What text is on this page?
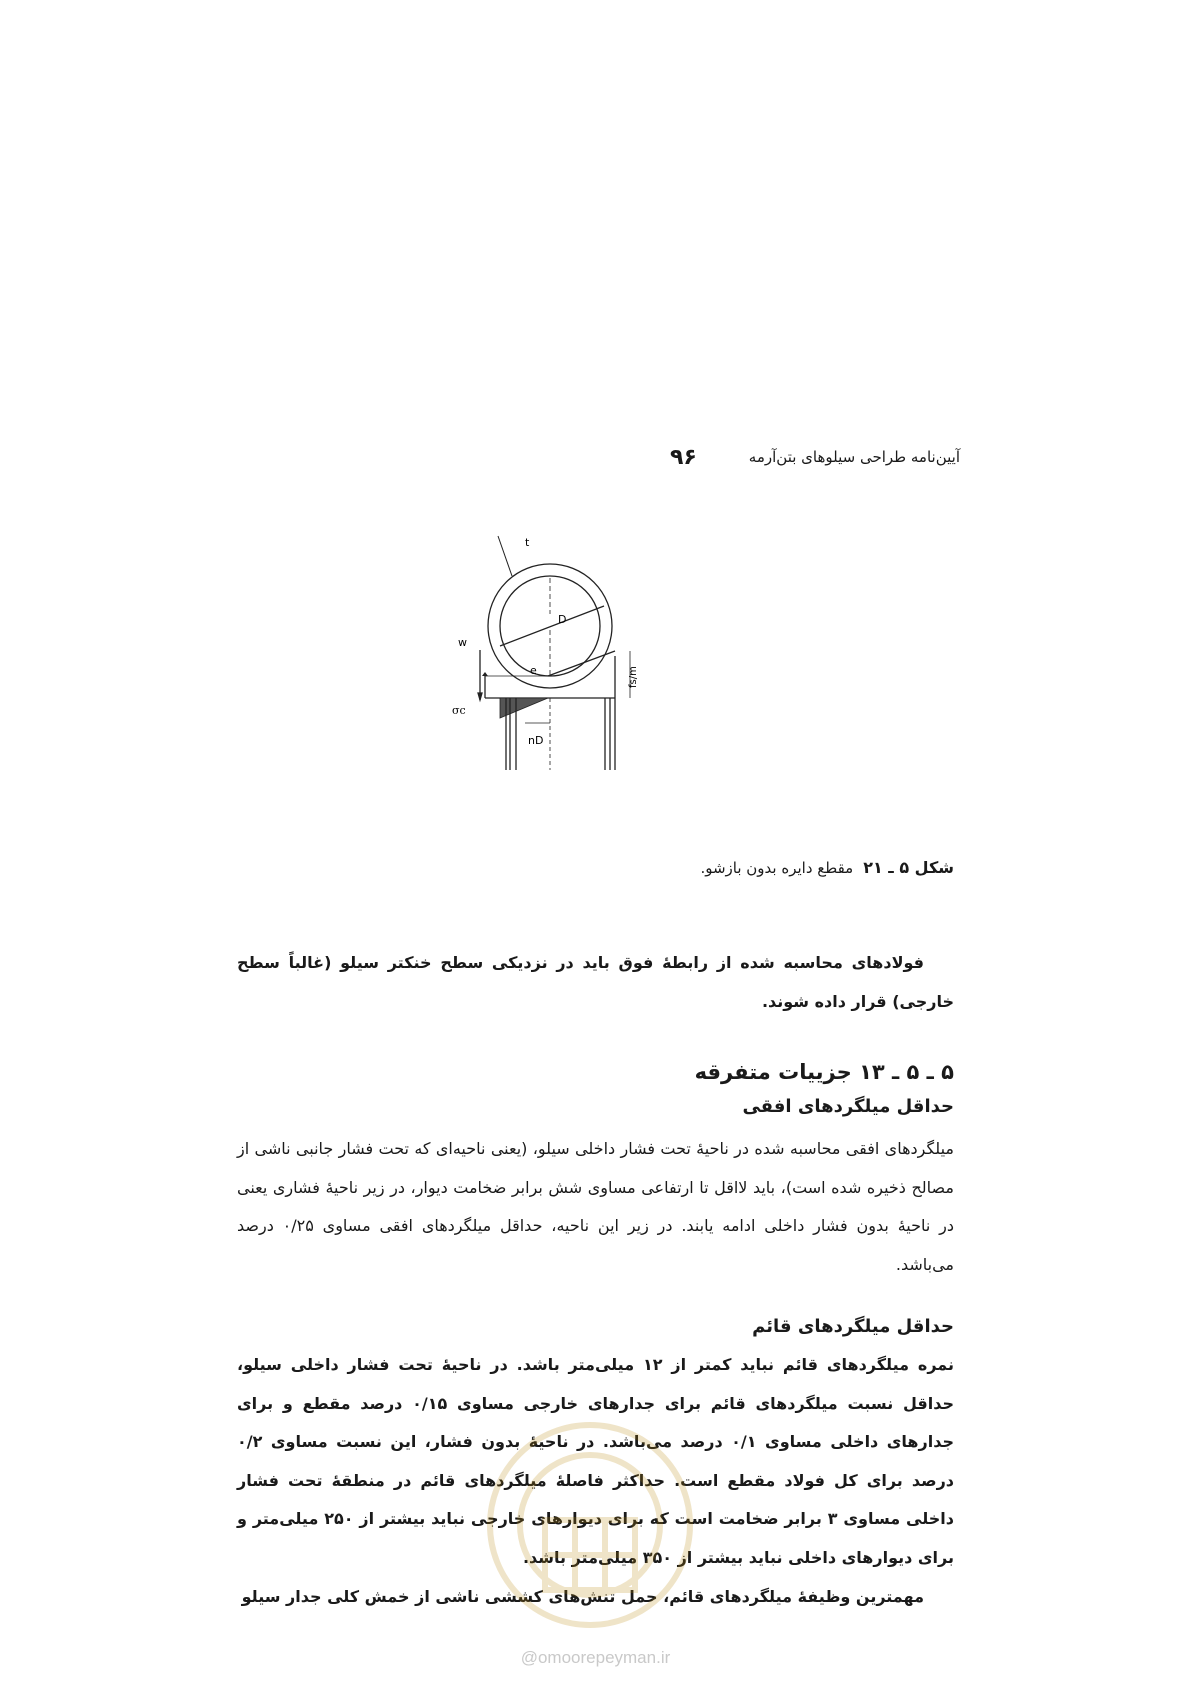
۹۶	آیین‌نامه طراحی سیلوهای بتن‌آرمه
t
D
w
e	fs/m
σc
nD
شکل ۵ ـ ۲۱
مقطع دایره بدون بازشو.
فولادهای محاسبه شده از رابطهٔ فوق باید در نزدیکی سطح خنکتر سیلو (غالباً سطح خارجی) قرار داده شوند.
۵ ـ ۵ ـ ۱۳ جزییات متفرقه
حداقل میلگردهای افقی
میلگردهای افقی محاسبه شده در ناحیهٔ تحت فشار داخلی سیلو، (یعنی ناحیه‌ای که تحت فشار جانبی ناشی از مصالح ذخیره شده است)، باید لااقل تا ارتفاعی مساوی شش برابر ضخامت دیوار، در زیر ناحیهٔ فشاری یعنی در ناحیهٔ بدون فشار داخلی ادامه یابند. در زیر این ناحیه، حداقل میلگردهای افقی مساوی ۰/۲۵ درصد می‌باشد.
حداقل میلگردهای قائم
نمره میلگردهای قائم نباید کمتر از ۱۲ میلی‌متر باشد. در ناحیهٔ تحت فشار داخلی سیلو، حداقل نسبت میلگردهای قائم برای جدارهای خارجی مساوی ۰/۱۵ درصد مقطع و برای جدارهای داخلی مساوی ۰/۱ درصد می‌باشد. در ناحیهٔ بدون فشار، این نسبت مساوی ۰/۲ درصد برای کل فولاد مقطع است. حداکثر فاصلهٔ میلگردهای قائم در منطقهٔ تحت فشار داخلی مساوی ۳ برابر ضخامت است که برای دیوارهای خارجی نباید بیشتر از ۲۵۰ میلی‌متر و برای دیوارهای داخلی نباید بیشتر از ۳۵۰ میلی‌متر باشد.
مهمترین وظیفهٔ میلگردهای قائم، حمل تنش‌های کششی ناشی از خمش کلی جدار سیلو
@omoorepeyman.ir
